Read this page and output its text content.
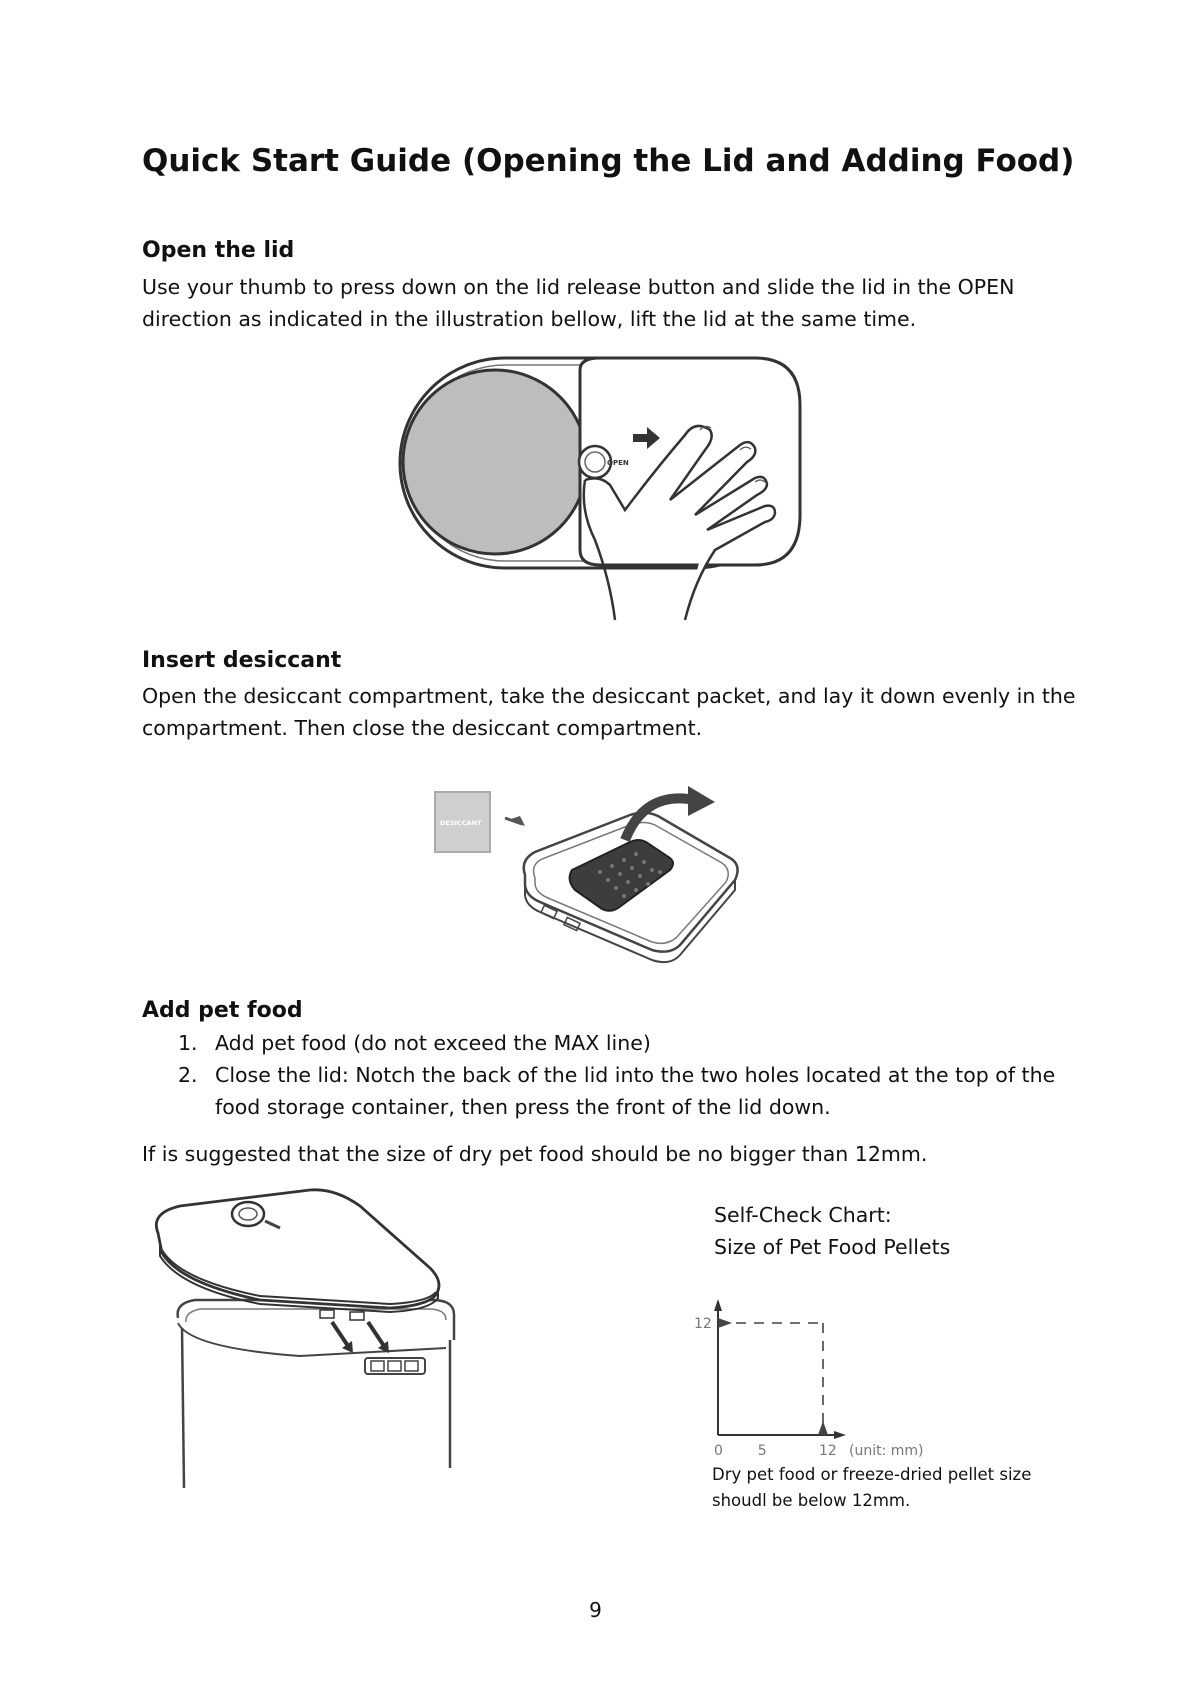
Quick Start Guide (Opening the Lid and Adding Food)
Open the lid
Use your thumb to press down on the lid release button and slide the lid in the OPEN
direction as indicated in the illustration bellow, lift the lid at the same time.
OPEN
Insert desiccant
Open the desiccant compartment, take the desiccant packet, and lay it down evenly in the
compartment. Then close the desiccant compartment.
DESICCANT
Add pet food
1. Add pet food (do not exceed the MAX line)
2. Close the lid: Notch the back of the lid into the two holes located at the top of the
food storage container, then press the front of the lid down.

If is suggested that the size of dry pet food should be no bigger than 12mm.

Self-Check Chart:
Size of Pet Food Pellets
0 5	12
12
(unit: mm)
Dry pet food or freeze-dried pellet size
shoudl be below 12mm.
9
